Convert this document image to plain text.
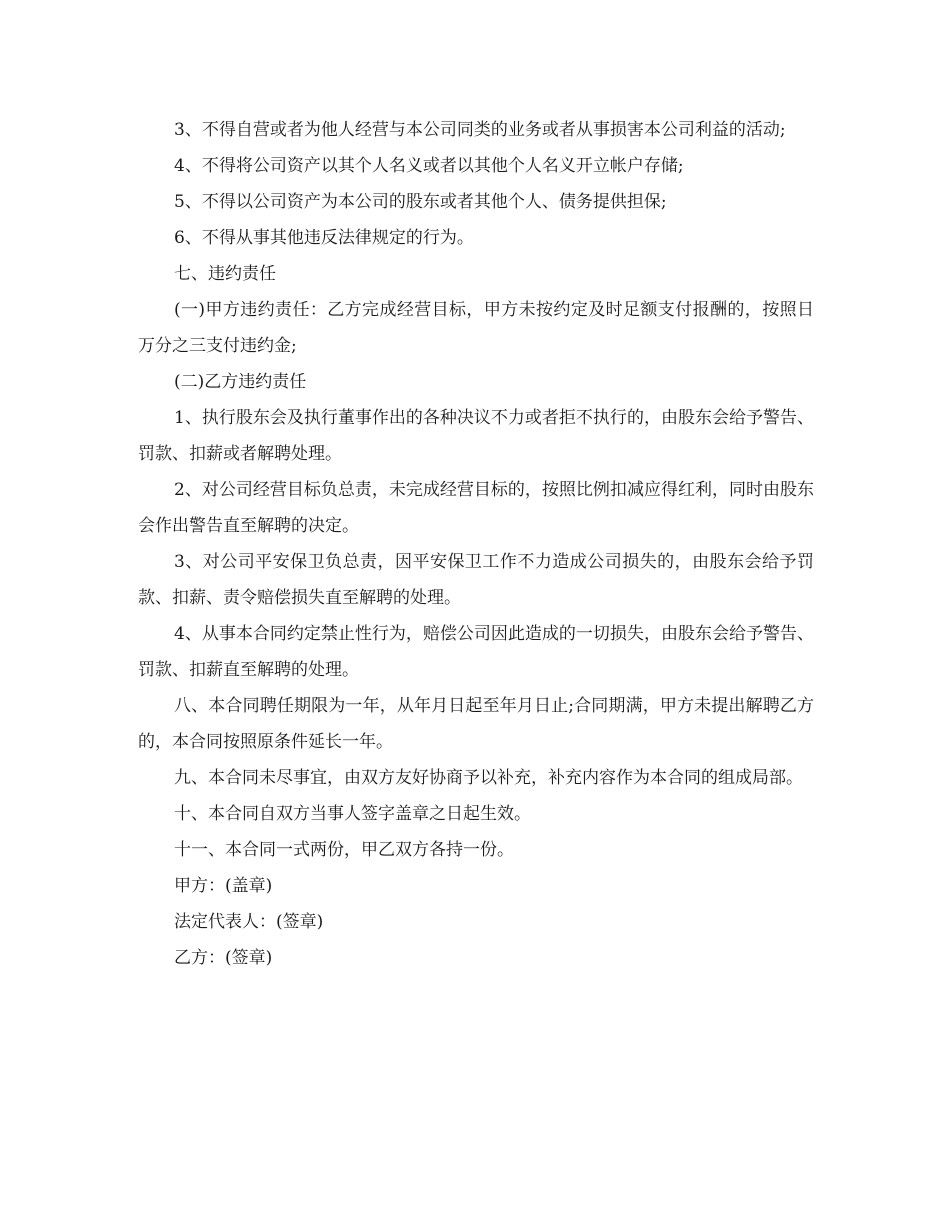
3、不得自营或者为他人经营与本公司同类的业务或者从事损害本公司利益的活动;

4、不得将公司资产以其个人名义或者以其他个人名义开立帐户存储;

5、不得以公司资产为本公司的股东或者其他个人、债务提供担保;

6、不得从事其他违反法律规定的行为。

七、违约责任

(一)甲方违约责任：乙方完成经营目标，甲方未按约定及时足额支付报酬的，按照日万分之三支付违约金;

(二)乙方违约责任

1、执行股东会及执行董事作出的各种决议不力或者拒不执行的，由股东会给予警告、罚款、扣薪或者解聘处理。

2、对公司经营目标负总责，未完成经营目标的，按照比例扣减应得红利，同时由股东会作出警告直至解聘的决定。

3、对公司平安保卫负总责，因平安保卫工作不力造成公司损失的，由股东会给予罚款、扣薪、责令赔偿损失直至解聘的处理。

4、从事本合同约定禁止性行为，赔偿公司因此造成的一切损失，由股东会给予警告、罚款、扣薪直至解聘的处理。

八、本合同聘任期限为一年，从年月日起至年月日止;合同期满，甲方未提出解聘乙方的，本合同按照原条件延长一年。

九、本合同未尽事宜，由双方友好协商予以补充，补充内容作为本合同的组成局部。

十、本合同自双方当事人签字盖章之日起生效。

十一、本合同一式两份，甲乙双方各持一份。

甲方：(盖章)

法定代表人：(签章)

乙方：(签章)
